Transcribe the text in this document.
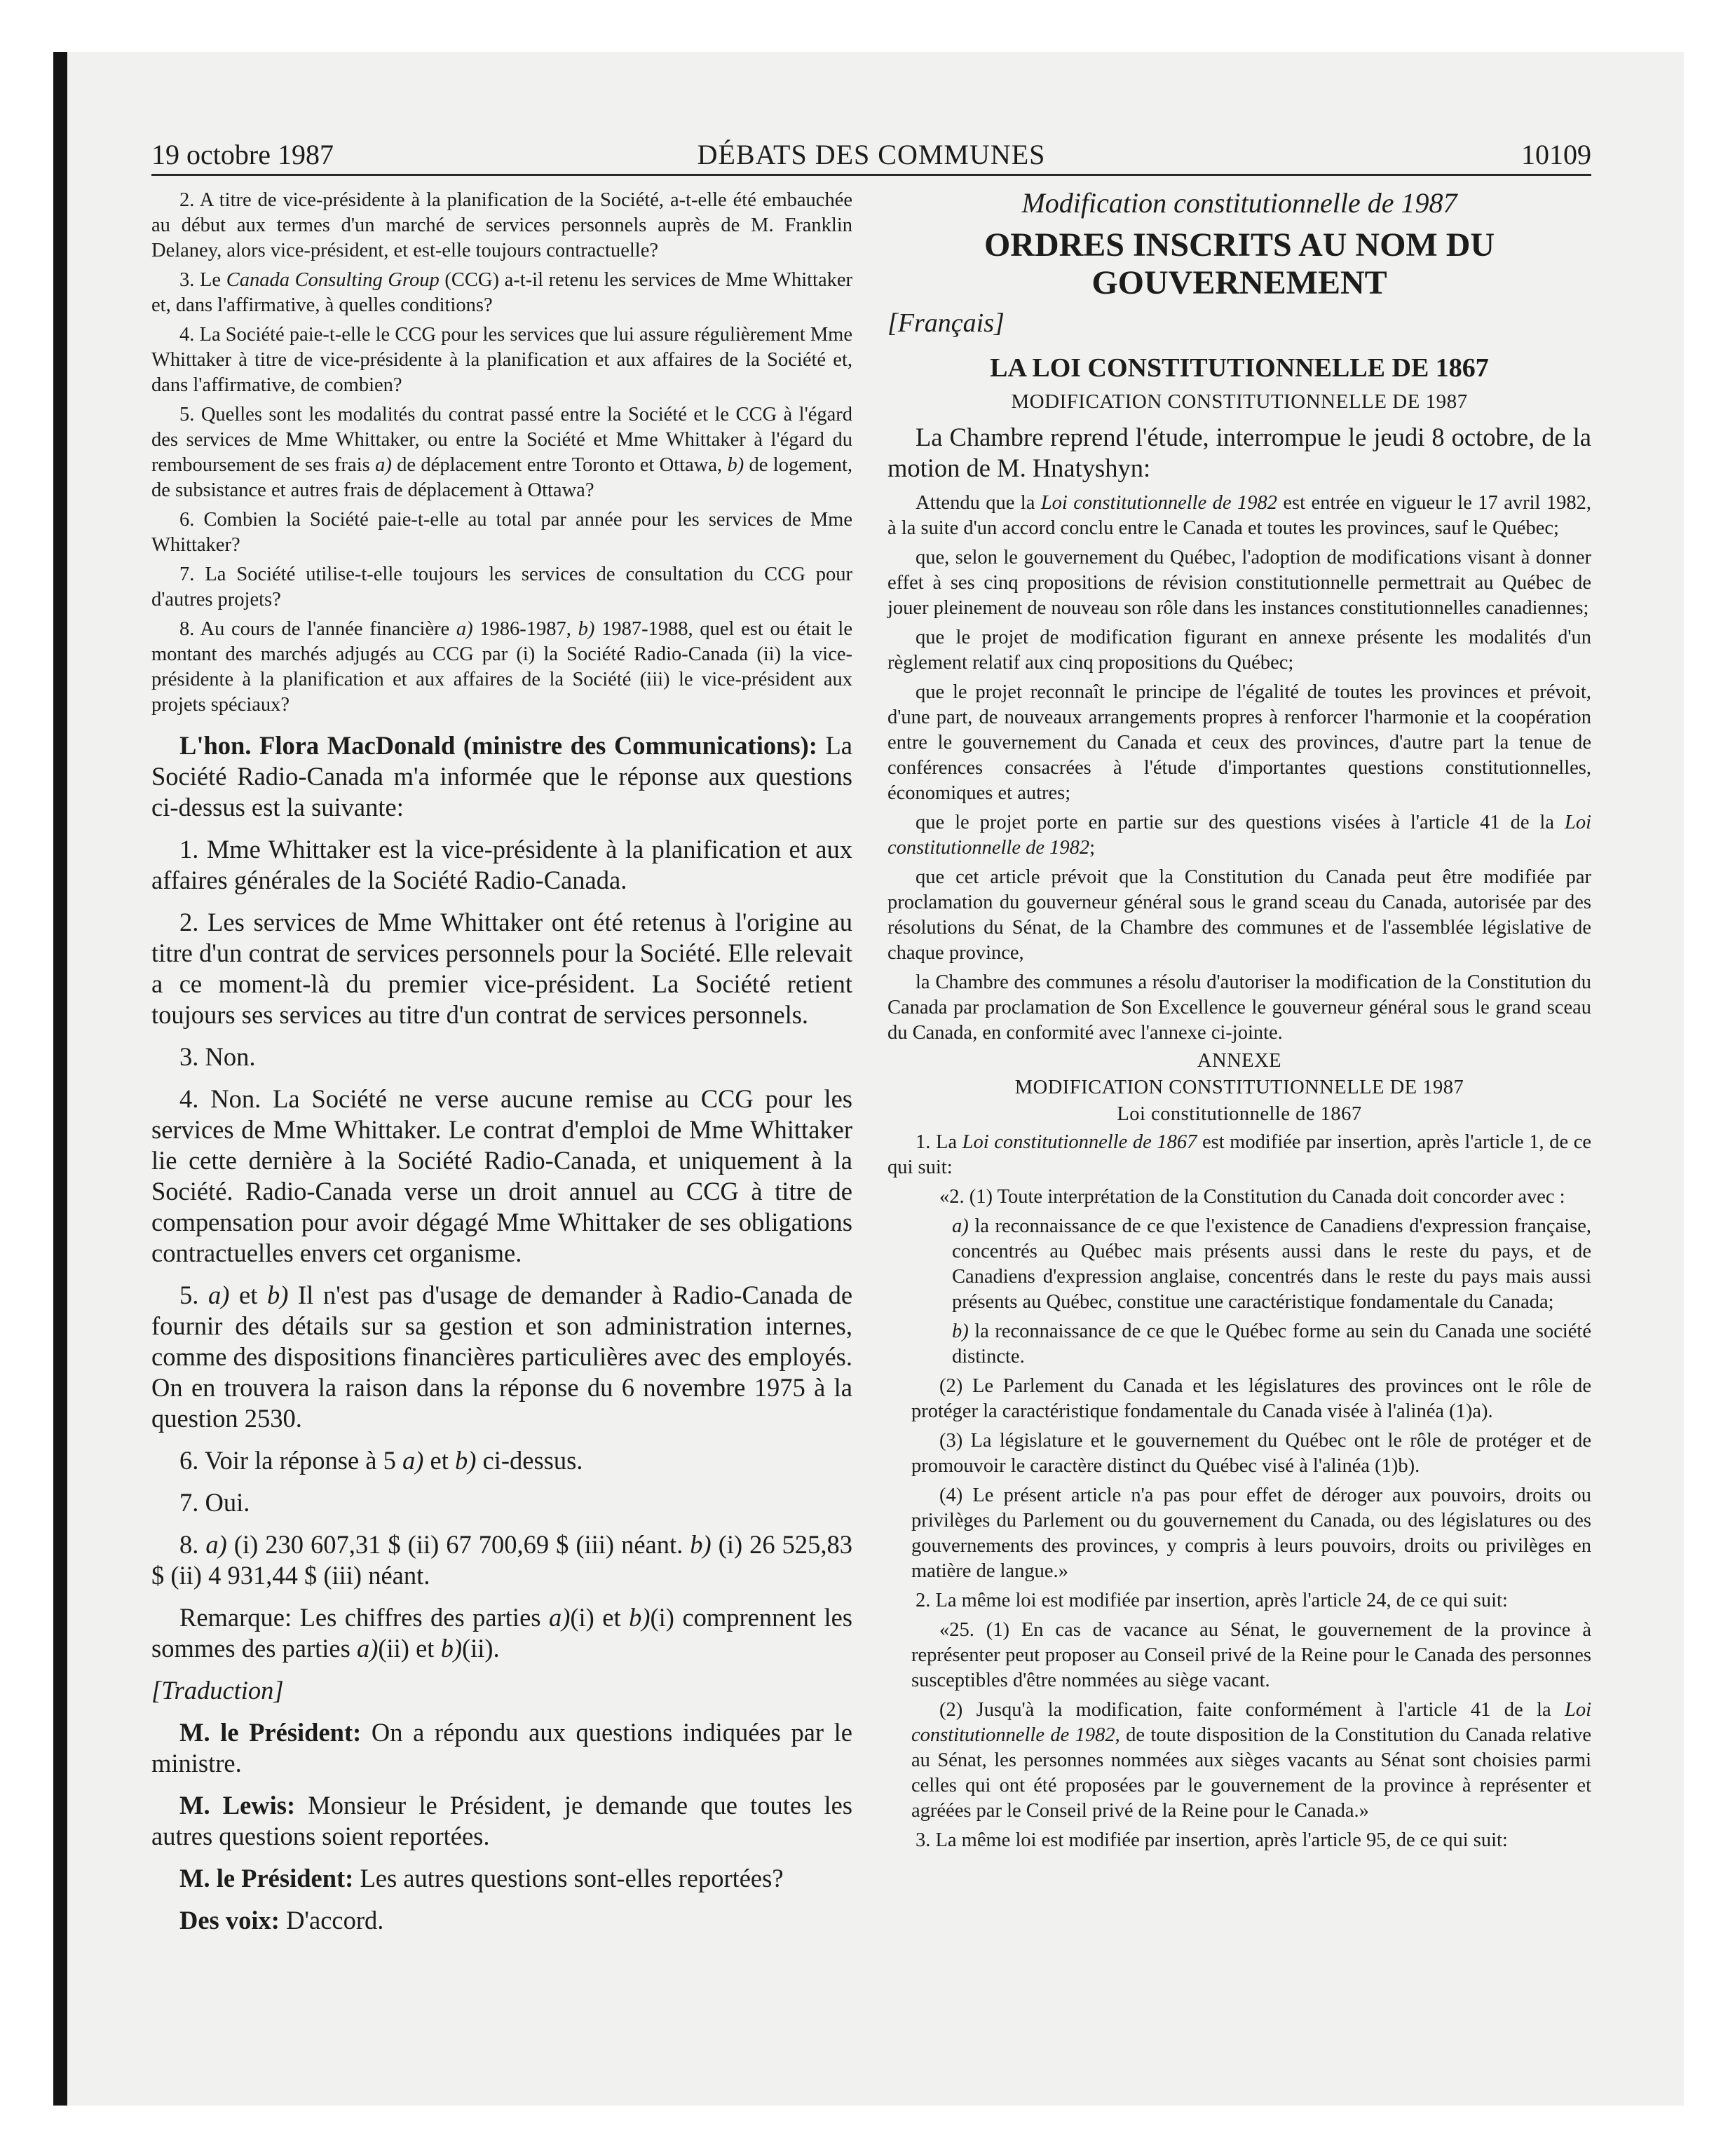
19 octobre 1987	DÉBATS DES COMMUNES	10109

2. A titre de vice-présidente à la planification de la Société, a-t-elle été embauchée au début aux termes d'un marché de services personnels auprès de M. Franklin Delaney, alors vice-président, et est-elle toujours contractuelle?

3. Le Canada Consulting Group (CCG) a-t-il retenu les services de Mme Whittaker et, dans l'affirmative, à quelles conditions?

4. La Société paie-t-elle le CCG pour les services que lui assure régulièrement Mme Whittaker à titre de vice-présidente à la planification et aux affaires de la Société et, dans l'affirmative, de combien?

5. Quelles sont les modalités du contrat passé entre la Société et le CCG à l'égard des services de Mme Whittaker, ou entre la Société et Mme Whittaker à l'égard du remboursement de ses frais a) de déplacement entre Toronto et Ottawa, b) de logement, de subsistance et autres frais de déplacement à Ottawa?

6. Combien la Société paie-t-elle au total par année pour les services de Mme Whittaker?

7. La Société utilise-t-elle toujours les services de consultation du CCG pour d'autres projets?

8. Au cours de l'année financière a) 1986-1987, b) 1987-1988, quel est ou était le montant des marchés adjugés au CCG par (i) la Société Radio-Canada (ii) la vice-présidente à la planification et aux affaires de la Société (iii) le vice-président aux projets spéciaux?

L'hon. Flora MacDonald (ministre des Communications): La Société Radio-Canada m'a informée que le réponse aux questions ci-dessus est la suivante:

1. Mme Whittaker est la vice-présidente à la planification et aux affaires générales de la Société Radio-Canada.

2. Les services de Mme Whittaker ont été retenus à l'origine au titre d'un contrat de services personnels pour la Société. Elle relevait a ce moment-là du premier vice-président. La Société retient toujours ses services au titre d'un contrat de services personnels.

3. Non.

4. Non. La Société ne verse aucune remise au CCG pour les services de Mme Whittaker. Le contrat d'emploi de Mme Whittaker lie cette dernière à la Société Radio-Canada, et uniquement à la Société. Radio-Canada verse un droit annuel au CCG à titre de compensation pour avoir dégagé Mme Whittaker de ses obligations contractuelles envers cet organisme.

5. a) et b) Il n'est pas d'usage de demander à Radio-Canada de fournir des détails sur sa gestion et son administration internes, comme des dispositions financières particulières avec des employés. On en trouvera la raison dans la réponse du 6 novembre 1975 à la question 2530.

6. Voir la réponse à 5 a) et b) ci-dessus.

7. Oui.

8. a) (i) 230 607,31 $ (ii) 67 700,69 $ (iii) néant. b) (i) 26 525,83 $ (ii) 4 931,44 $ (iii) néant.

Remarque: Les chiffres des parties a)(i) et b)(i) comprennent les sommes des parties a)(ii) et b)(ii).

[Traduction]

M. le Président: On a répondu aux questions indiquées par le ministre.

M. Lewis: Monsieur le Président, je demande que toutes les autres questions soient reportées.

M. le Président: Les autres questions sont-elles reportées?

Des voix: D'accord.

Modification constitutionnelle de 1987
ORDRES INSCRITS AU NOM DU GOUVERNEMENT
[Français]
LA LOI CONSTITUTIONNELLE DE 1867
MODIFICATION CONSTITUTIONNELLE DE 1987

La Chambre reprend l'étude, interrompue le jeudi 8 octobre, de la motion de M. Hnatyshyn:

Attendu que la Loi constitutionnelle de 1982 est entrée en vigueur le 17 avril 1982, à la suite d'un accord conclu entre le Canada et toutes les provinces, sauf le Québec;

que, selon le gouvernement du Québec, l'adoption de modifications visant à donner effet à ses cinq propositions de révision constitutionnelle permettrait au Québec de jouer pleinement de nouveau son rôle dans les instances constitutionnelles canadiennes;

que le projet de modification figurant en annexe présente les modalités d'un règlement relatif aux cinq propositions du Québec;

que le projet reconnaît le principe de l'égalité de toutes les provinces et prévoit, d'une part, de nouveaux arrangements propres à renforcer l'harmonie et la coopération entre le gouvernement du Canada et ceux des provinces, d'autre part la tenue de conférences consacrées à l'étude d'importantes questions constitutionnelles, économiques et autres;

que le projet porte en partie sur des questions visées à l'article 41 de la Loi constitutionnelle de 1982;

que cet article prévoit que la Constitution du Canada peut être modifiée par proclamation du gouverneur général sous le grand sceau du Canada, autorisée par des résolutions du Sénat, de la Chambre des communes et de l'assemblée législative de chaque province,

la Chambre des communes a résolu d'autoriser la modification de la Constitution du Canada par proclamation de Son Excellence le gouverneur général sous le grand sceau du Canada, en conformité avec l'annexe ci-jointe.

ANNEXE
MODIFICATION CONSTITUTIONNELLE DE 1987
Loi constitutionnelle de 1867

1. La Loi constitutionnelle de 1867 est modifiée par insertion, après l'article 1, de ce qui suit:

«2. (1) Toute interprétation de la Constitution du Canada doit concorder avec :

a) la reconnaissance de ce que l'existence de Canadiens d'expression française, concentrés au Québec mais présents aussi dans le reste du pays, et de Canadiens d'expression anglaise, concentrés dans le reste du pays mais aussi présents au Québec, constitue une caractéristique fondamentale du Canada;

b) la reconnaissance de ce que le Québec forme au sein du Canada une société distincte.

(2) Le Parlement du Canada et les législatures des provinces ont le rôle de protéger la caractéristique fondamentale du Canada visée à l'alinéa (1)a).

(3) La législature et le gouvernement du Québec ont le rôle de protéger et de promouvoir le caractère distinct du Québec visé à l'alinéa (1)b).

(4) Le présent article n'a pas pour effet de déroger aux pouvoirs, droits ou privilèges du Parlement ou du gouvernement du Canada, ou des législatures ou des gouvernements des provinces, y compris à leurs pouvoirs, droits ou privilèges en matière de langue.»

2. La même loi est modifiée par insertion, après l'article 24, de ce qui suit:

«25. (1) En cas de vacance au Sénat, le gouvernement de la province à représenter peut proposer au Conseil privé de la Reine pour le Canada des personnes susceptibles d'être nommées au siège vacant.

(2) Jusqu'à la modification, faite conformément à l'article 41 de la Loi constitutionnelle de 1982, de toute disposition de la Constitution du Canada relative au Sénat, les personnes nommées aux sièges vacants au Sénat sont choisies parmi celles qui ont été proposées par le gouvernement de la province à représenter et agréées par le Conseil privé de la Reine pour le Canada.»

3. La même loi est modifiée par insertion, après l'article 95, de ce qui suit:
